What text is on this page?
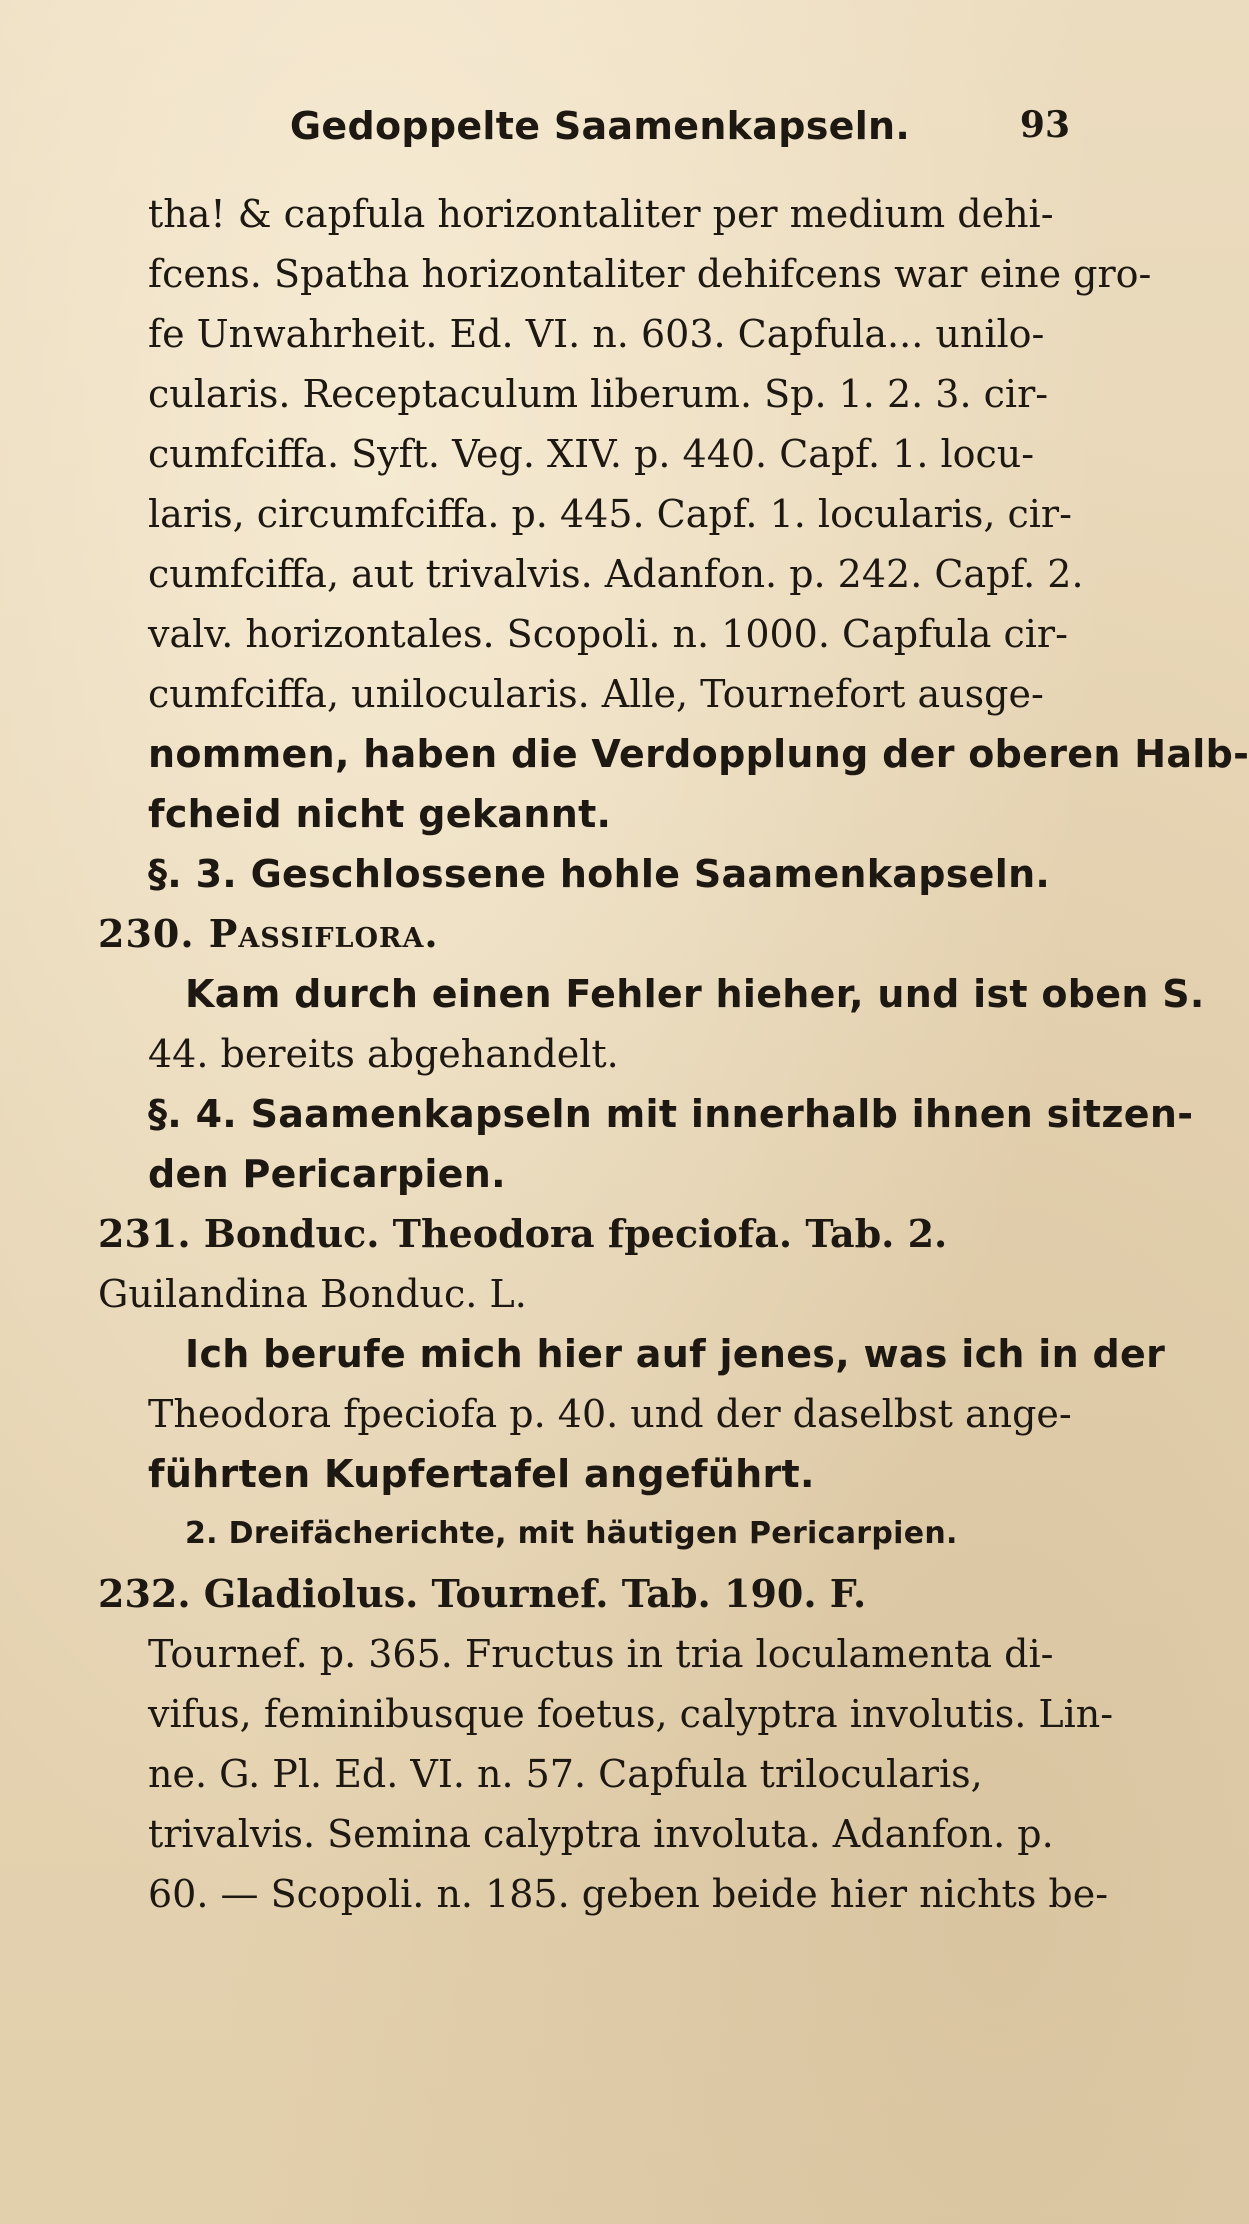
Gedoppelte Saamenkapseln.	93
tha! & capfula horizontaliter per medium dehi-
fcens. Spatha horizontaliter dehifcens war eine gro-
fe Unwahrheit. Ed. VI. n. 603. Capfula... unilo-
cularis. Receptaculum liberum. Sp. 1. 2. 3. cir-
cumfciffa. Syft. Veg. XIV. p. 440. Capf. 1. locu-
laris, circumfciffa. p. 445. Capf. 1. locularis, cir-
cumfciffa, aut trivalvis. Adanfon. p. 242. Capf. 2.
valv. horizontales. Scopoli. n. 1000. Capfula cir-
cumfciffa, unilocularis. Alle, Tournefort ausge-
nommen, haben die Verdopplung der oberen Halb-
fcheid nicht gekannt.
§. 3. Geschlossene hohle Saamenkapseln.
230. Passiflora.
Kam durch einen Fehler hieher, und ist oben S.
44. bereits abgehandelt.
§. 4. Saamenkapseln mit innerhalb ihnen sitzen-
den Pericarpien.
231. Bonduc. Theodora fpeciofa. Tab. 2.
Guilandina Bonduc. L.
Ich berufe mich hier auf jenes, was ich in der
Theodora fpeciofa p. 40. und der daselbst ange-
führten Kupfertafel angeführt.
2. Dreifächerichte, mit häutigen Pericarpien.
232. Gladiolus. Tournef. Tab. 190. F.
Tournef. p. 365. Fructus in tria loculamenta di-
vifus, feminibusque foetus, calyptra involutis. Lin-
ne. G. Pl. Ed. VI. n. 57. Capfula trilocularis,
trivalvis. Semina calyptra involuta. Adanfon. p.
60. — Scopoli. n. 185. geben beide hier nichts be-
